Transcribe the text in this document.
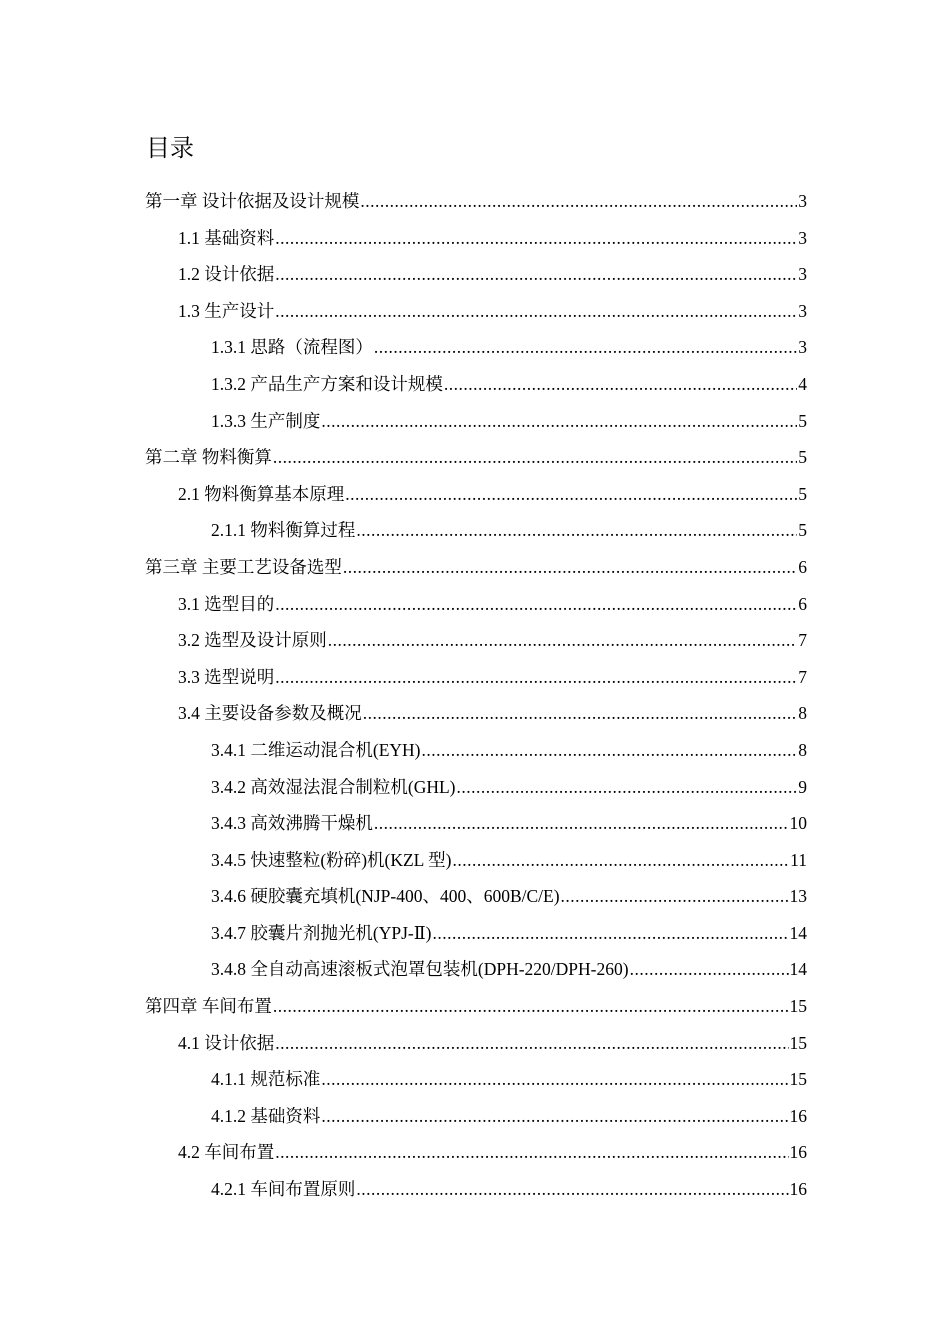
目录
第一章 设计依据及设计规模 .....	3
1.1 基础资料 .....	3
1.2 设计依据 .....	3
1.3 生产设计 .....	3
1.3.1 思路（流程图） .....	3
1.3.2 产品生产方案和设计规模 .....	4
1.3.3 生产制度 .....	5
第二章 物料衡算 .....	5
2.1 物料衡算基本原理 .....	5
2.1.1 物料衡算过程 .....	5
第三章 主要工艺设备选型 .....	6
3.1 选型目的 .....	6
3.2 选型及设计原则 .....	7
3.3 选型说明 .....	7
3.4 主要设备参数及概况 .....	8
3.4.1 二维运动混合机(EYH) .....	8
3.4.2 高效湿法混合制粒机(GHL) .....	9
3.4.3 高效沸腾干燥机 .....	10
3.4.5 快速整粒(粉碎)机(KZL 型) .....	11
3.4.6 硬胶囊充填机(NJP-400、400、600B/C/E) .....	13
3.4.7 胶囊片剂抛光机(YPJ-Ⅱ) .....	14
3.4.8 全自动高速滚板式泡罩包装机(DPH-220/DPH-260) .....	14
第四章 车间布置 .....	15
4.1 设计依据 .....	15
4.1.1 规范标准 .....	15
4.1.2 基础资料 .....	16
4.2 车间布置 .....	16
4.2.1 车间布置原则 .....	16
